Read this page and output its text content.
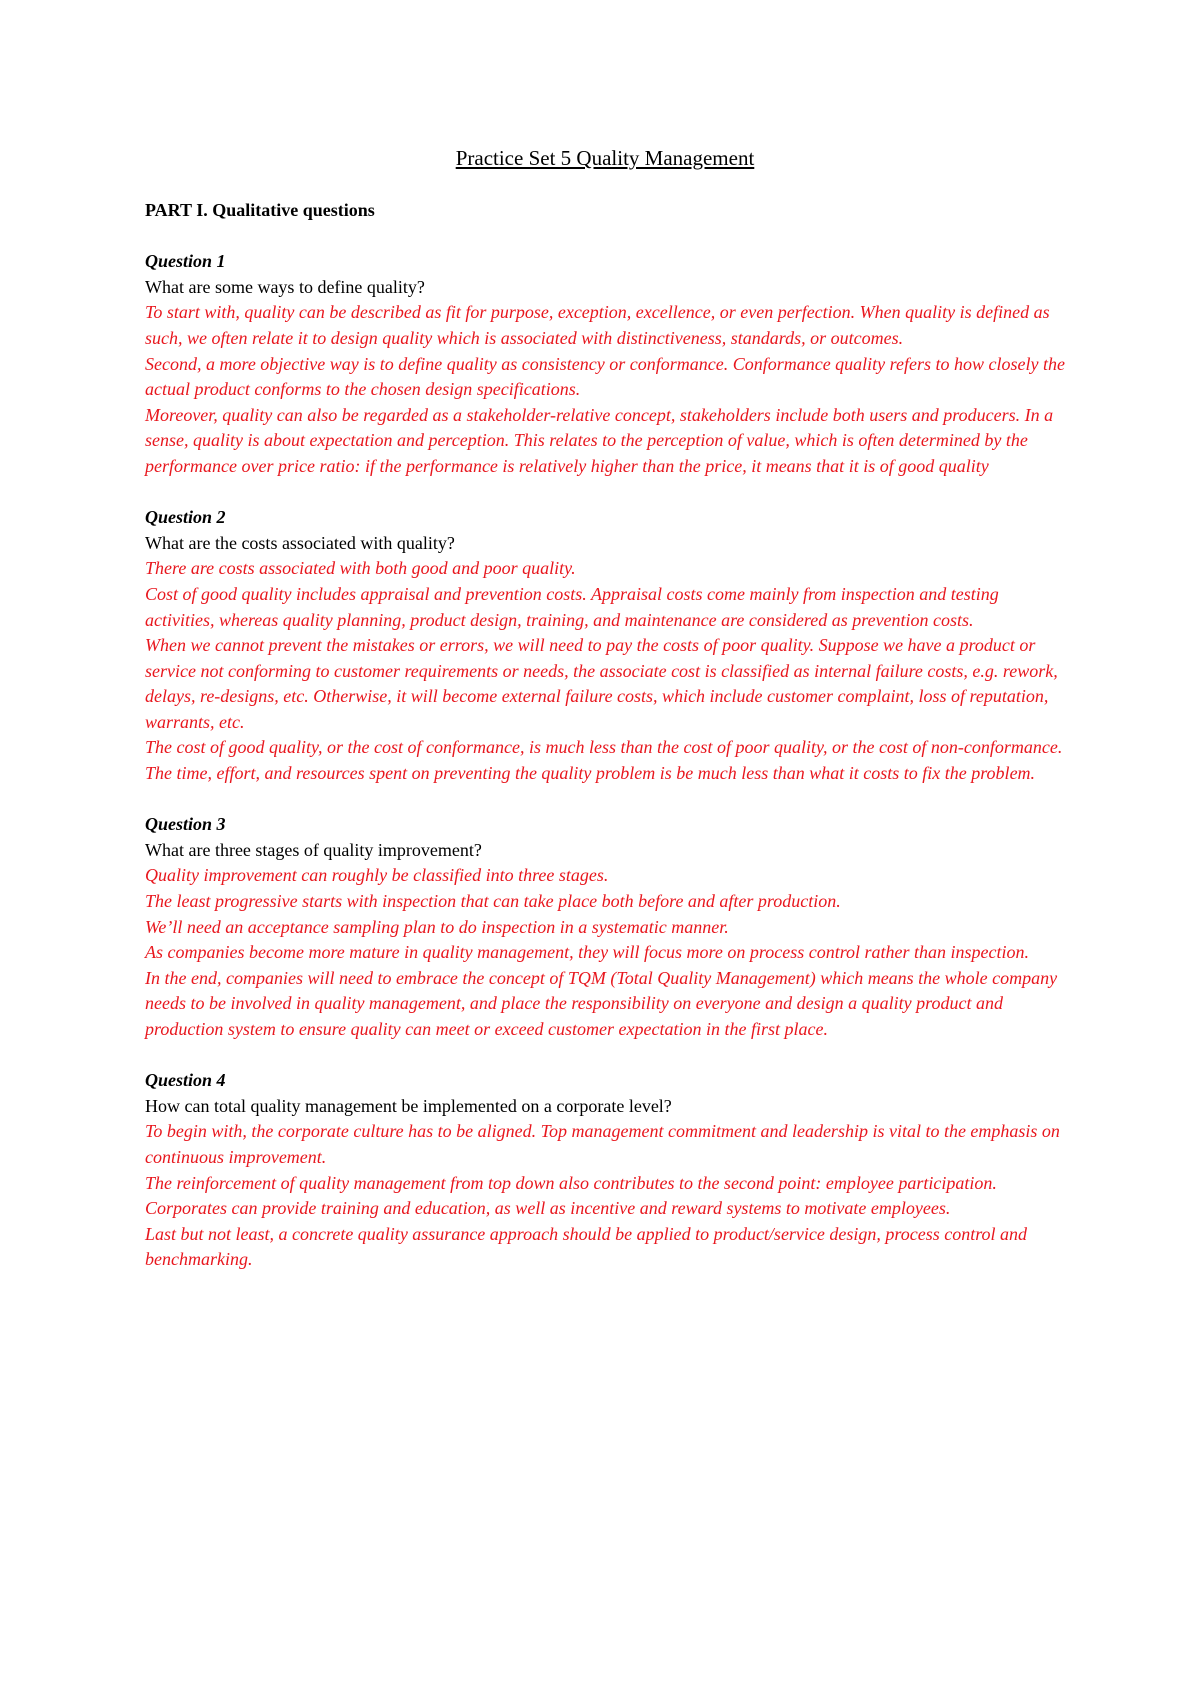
Practice Set 5 Quality Management
PART I. Qualitative questions
Question 1
What are some ways to define quality?
To start with, quality can be described as fit for purpose, exception, excellence, or even perfection. When quality is defined as such, we often relate it to design quality which is associated with distinctiveness, standards, or outcomes.
Second, a more objective way is to define quality as consistency or conformance. Conformance quality refers to how closely the actual product conforms to the chosen design specifications.
Moreover, quality can also be regarded as a stakeholder-relative concept, stakeholders include both users and producers. In a sense, quality is about expectation and perception. This relates to the perception of value, which is often determined by the performance over price ratio: if the performance is relatively higher than the price, it means that it is of good quality
Question 2
What are the costs associated with quality?
There are costs associated with both good and poor quality.
Cost of good quality includes appraisal and prevention costs. Appraisal costs come mainly from inspection and testing activities, whereas quality planning, product design, training, and maintenance are considered as prevention costs.
When we cannot prevent the mistakes or errors, we will need to pay the costs of poor quality. Suppose we have a product or service not conforming to customer requirements or needs, the associate cost is classified as internal failure costs, e.g. rework, delays, re-designs, etc. Otherwise, it will become external failure costs, which include customer complaint, loss of reputation, warrants, etc.
The cost of good quality, or the cost of conformance, is much less than the cost of poor quality, or the cost of non-conformance. The time, effort, and resources spent on preventing the quality problem is be much less than what it costs to fix the problem.
Question 3
What are three stages of quality improvement?
Quality improvement can roughly be classified into three stages.
The least progressive starts with inspection that can take place both before and after production.
We’ll need an acceptance sampling plan to do inspection in a systematic manner.
As companies become more mature in quality management, they will focus more on process control rather than inspection.
In the end, companies will need to embrace the concept of TQM (Total Quality Management) which means the whole company needs to be involved in quality management, and place the responsibility on everyone and design a quality product and production system to ensure quality can meet or exceed customer expectation in the first place.
Question 4
How can total quality management be implemented on a corporate level?
To begin with, the corporate culture has to be aligned. Top management commitment and leadership is vital to the emphasis on continuous improvement.
The reinforcement of quality management from top down also contributes to the second point: employee participation. Corporates can provide training and education, as well as incentive and reward systems to motivate employees.
Last but not least, a concrete quality assurance approach should be applied to product/service design, process control and benchmarking.
